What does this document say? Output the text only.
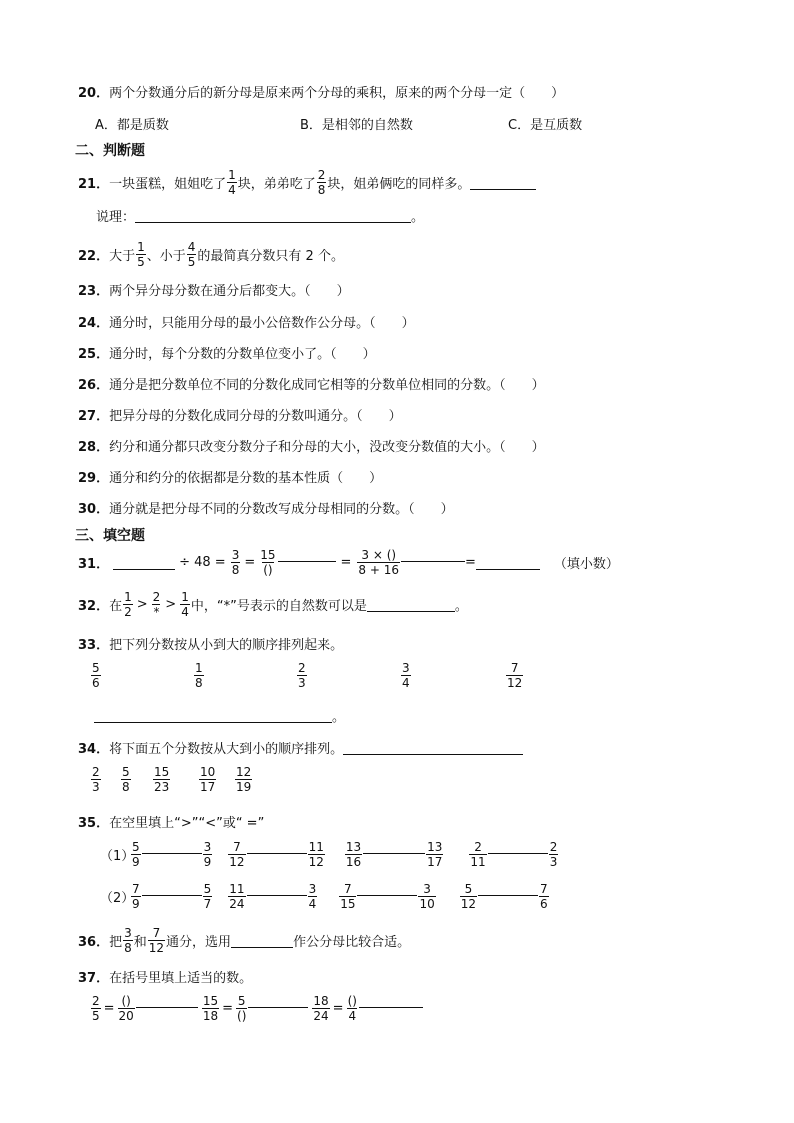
20． 两个分数通分后的新分母是原来两个分母的乘积，原来的两个分母一定（　　）
A．都是质数	B．是相邻的自然数	C．是互质数
二、判断题
21． 一块蛋糕，姐姐吃了 $\frac{1}{4}$ 块，弟弟吃了 $\frac{2}{8}$ 块，姐弟俩吃的同样多。
说理：	。
22． 大于 $\frac{1}{5}$ 、小于 $\frac{4}{5}$ 的最简真分数只有 2 个。
23． 两个异分母分数在通分后都变大。（　　）
24． 通分时，只能用分母的最小公倍数作公分母。（　　）
25． 通分时，每个分数的分数单位变小了。（　　）
26． 通分是把分数单位不同的分数化成同它相等的分数单位相同的分数。（　　）
27． 把异分母的分数化成同分母的分数叫通分。（　　）
28． 约分和通分都只改变分数分子和分母的大小，没改变分数值的大小。（　　）
29． 通分和约分的依据都是分数的基本性质（　　）
30． 通分就是把分母不同的分数改写成分母相同的分数。（　　）
三、填空题
31．	÷ $48 = \frac{3}{8} = \frac{15}{()}$	= $\frac{3 \times ()}{8 + 16}$	=	（填小数）
32． 在 $\frac{1}{2} > \frac{2}{*} > \frac{1}{4}$ 中，“*”号表示的自然数可以是	。
33． 把下列分数按从小到大的顺序排列起来。
$\frac{5}{6}$	$\frac{1}{8}$	$\frac{2}{3}$	$\frac{3}{4}$	$\frac{7}{12}$
。
34． 将下面五个分数按从大到小的顺序排列。
$\frac{2}{3} \frac{5}{8} \frac{15}{23} \frac{10}{17} \frac{12}{19}$
35． 在空里填上“>”“<”或“ =”
（1）
$\frac{5}{9}$	$\frac{3}{9} \frac{7}{12}$	$\frac{11}{12} \frac{13}{16}$	$\frac{13}{17} \frac{2}{11}$	$\frac{2}{3}$
（2）
$\frac{7}{9}$	$\frac{5}{7} \frac{11}{24}$	$\frac{3}{4} \frac{7}{15}$	$\frac{3}{10} \frac{5}{12}$	$\frac{7}{6}$
36． 把 $\frac{3}{8}$ 和 $\frac{7}{12}$ 通分，选用	作公分母比较合适。
37． 在括号里填上适当的数。
$\frac{2}{5} = \frac{()}{20}$	$\frac{15}{18} = \frac{5}{()}$	$\frac{18}{24} = \frac{()}{4}$
